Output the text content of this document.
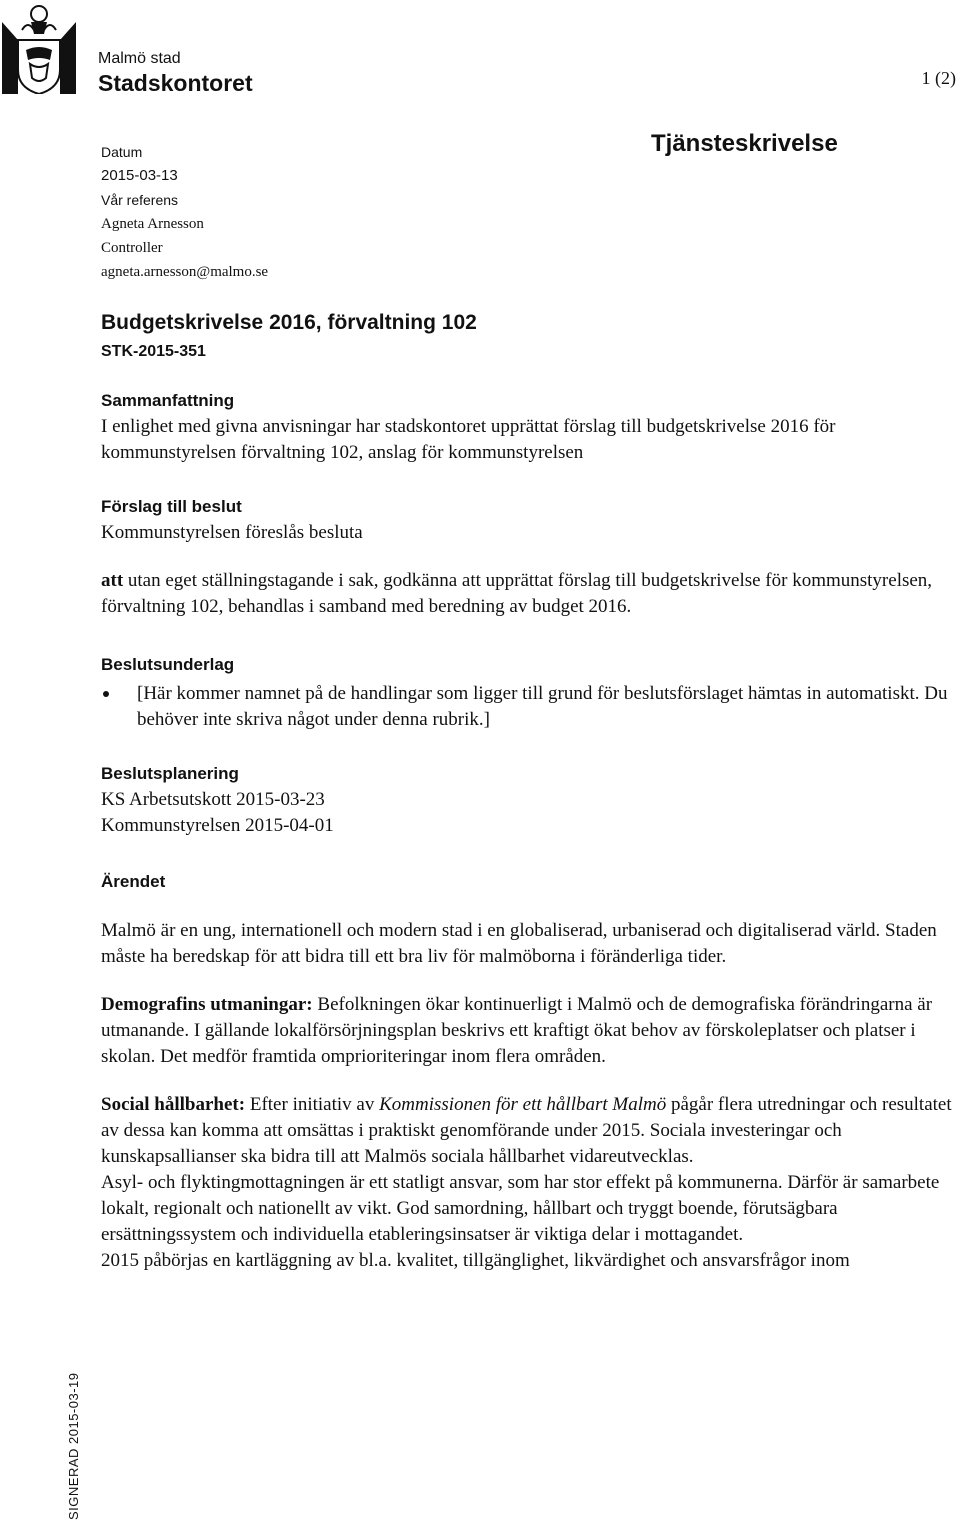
Malmö stad
Stadskontoret	1 (2)
Datum
2015-03-13
Vår referens
Agneta Arnesson
Controller
agneta.arnesson@malmo.se
Tjänsteskrivelse
Budgetskrivelse 2016, förvaltning 102
STK-2015-351
Sammanfattning
I enlighet med givna anvisningar har stadskontoret upprättat förslag till budgetskrivelse 2016 för kommunstyrelsen förvaltning 102, anslag för kommunstyrelsen
Förslag till beslut
Kommunstyrelsen föreslås besluta
att utan eget ställningstagande i sak, godkänna att upprättat förslag till budgetskrivelse för kommunstyrelsen, förvaltning 102, behandlas i samband med beredning av budget 2016.
Beslutsunderlag
[Här kommer namnet på de handlingar som ligger till grund för beslutsförslaget hämtas in automatiskt. Du behöver inte skriva något under denna rubrik.]
Beslutsplanering
KS Arbetsutskott 2015-03-23
Kommunstyrelsen 2015-04-01
Ärendet
Malmö är en ung, internationell och modern stad i en globaliserad, urbaniserad och digitaliserad värld. Staden måste ha beredskap för att bidra till ett bra liv för malmöborna i föränderliga tider.
Demografins utmaningar: Befolkningen ökar kontinuerligt i Malmö och de demografiska förändringarna är utmanande. I gällande lokalförsörjningsplan beskrivs ett kraftigt ökat behov av förskoleplatser och platser i skolan. Det medför framtida omprioriteringar inom flera områden.
Social hållbarhet: Efter initiativ av Kommissionen för ett hållbart Malmö pågår flera utredningar och resultatet av dessa kan komma att omsättas i praktiskt genomförande under 2015. Sociala investeringar och kunskapsallianser ska bidra till att Malmös sociala hållbarhet vidareutvecklas.
Asyl- och flyktingmottagningen är ett statligt ansvar, som har stor effekt på kommunerna. Därför är samarbete lokalt, regionalt och nationellt av vikt. God samordning, hållbart och tryggt boende, förutsägbara ersättningssystem och individuella etableringsinsatser är viktiga delar i mottagandet.
2015 påbörjas en kartläggning av bl.a. kvalitet, tillgänglighet, likvärdighet och ansvarsfrågor inom
SIGNERAD 2015-03-19
